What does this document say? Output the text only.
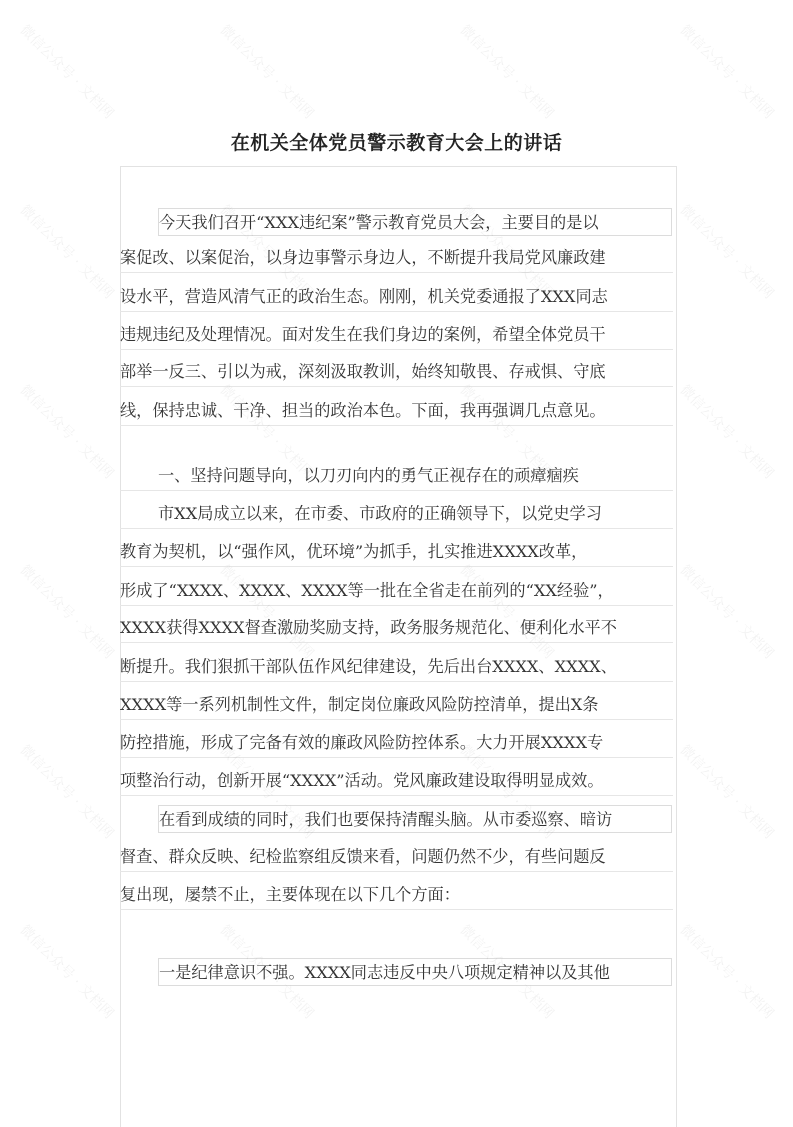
在机关全体党员警示教育大会上的讲话
今天我们召开“XXX违纪案”警示教育党员大会，主要目的是以
案促改、以案促治，以身边事警示身边人，不断提升我局党风廉政建
设水平，营造风清气正的政治生态。刚刚，机关党委通报了XXX同志
违规违纪及处理情况。面对发生在我们身边的案例，希望全体党员干
部举一反三、引以为戒，深刻汲取教训，始终知敬畏、存戒惧、守底
线，保持忠诚、干净、担当的政治本色。下面，我再强调几点意见。
一、坚持问题导向，以刀刃向内的勇气正视存在的顽瘴痼疾
市XX局成立以来，在市委、市政府的正确领导下，以党史学习
教育为契机，以“强作风，优环境”为抓手，扎实推进XXXX改革，
形成了“XXXX、XXXX、XXXX等一批在全省走在前列的“XX经验”，
XXXX获得XXXX督查激励奖励支持，政务服务规范化、便利化水平不
断提升。我们狠抓干部队伍作风纪律建设，先后出台XXXX、XXXX、
XXXX等一系列机制性文件，制定岗位廉政风险防控清单，提出X条
防控措施，形成了完备有效的廉政风险防控体系。大力开展XXXX专
项整治行动，创新开展“XXXX”活动。党风廉政建设取得明显成效。
在看到成绩的同时，我们也要保持清醒头脑。从市委巡察、暗访
督查、群众反映、纪检监察组反馈来看，问题仍然不少，有些问题反
复出现，屡禁不止，主要体现在以下几个方面：
一是纪律意识不强。XXXX同志违反中央八项规定精神以及其他
微信公众号 · 文档网	微信公众号 · 文档网	微信公众号 · 文档网	微信公众号 · 文档网
微信公众号 · 文档网	微信公众号 · 文档网	微信公众号 · 文档网	微信公众号 · 文档网
微信公众号 · 文档网	微信公众号 · 文档网	微信公众号 · 文档网	微信公众号 · 文档网
微信公众号 · 文档网	微信公众号 · 文档网	微信公众号 · 文档网	微信公众号 · 文档网
微信公众号 · 文档网	微信公众号 · 文档网	微信公众号 · 文档网	微信公众号 · 文档网
微信公众号 · 文档网	微信公众号 · 文档网	微信公众号 · 文档网	微信公众号 · 文档网
